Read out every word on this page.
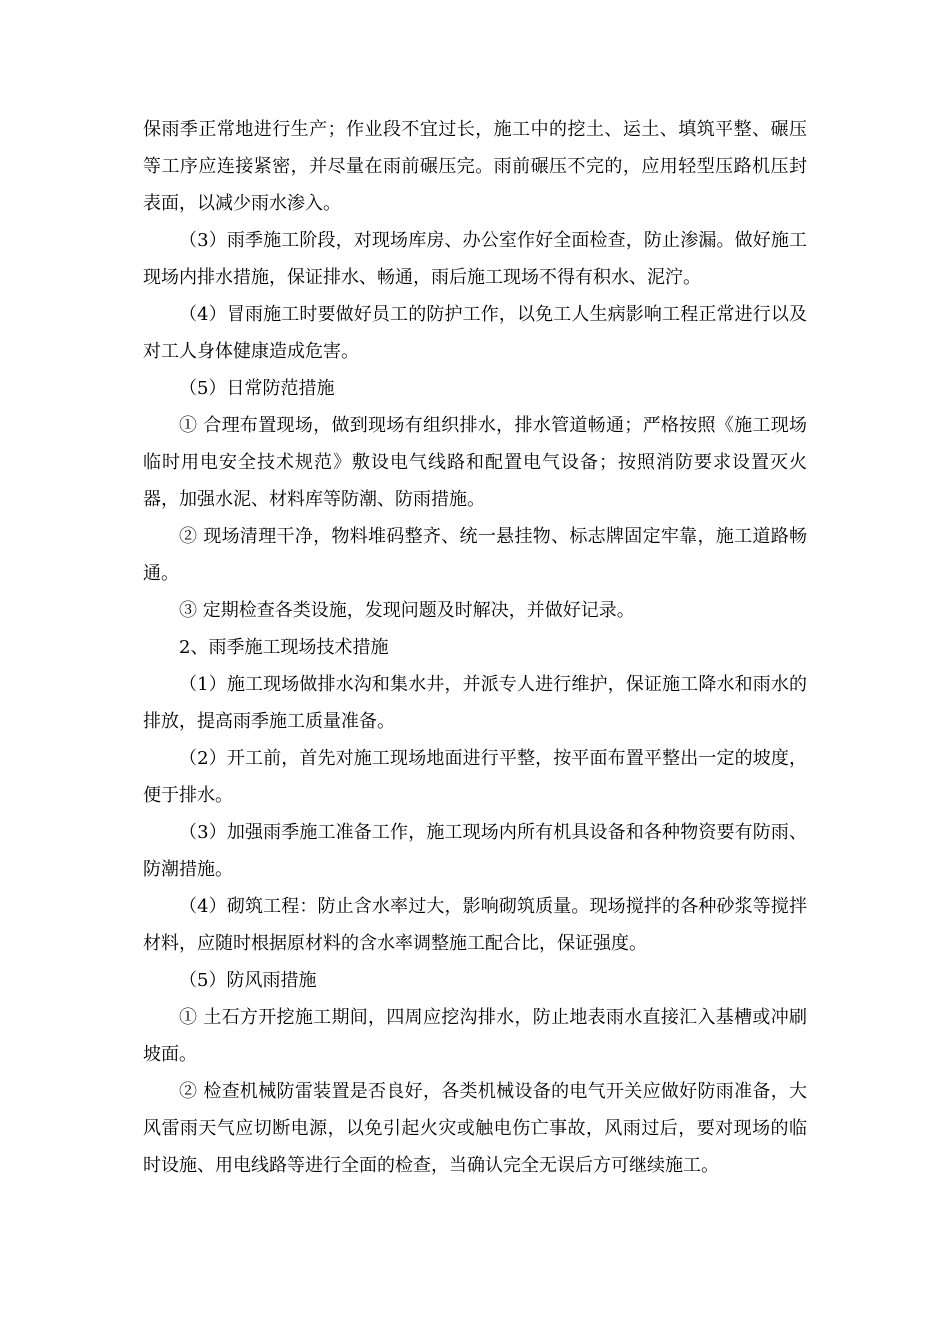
保雨季正常地进行生产；作业段不宜过长，施工中的挖土、运土、填筑平整、碾压等工序应连接紧密，并尽量在雨前碾压完。雨前碾压不完的，应用轻型压路机压封表面，以减少雨水渗入。

（3）雨季施工阶段，对现场库房、办公室作好全面检查，防止渗漏。做好施工现场内排水措施，保证排水、畅通，雨后施工现场不得有积水、泥泞。

（4）冒雨施工时要做好员工的防护工作，以免工人生病影响工程正常进行以及对工人身体健康造成危害。

（5）日常防范措施

① 合理布置现场，做到现场有组织排水，排水管道畅通；严格按照《施工现场临时用电安全技术规范》敷设电气线路和配置电气设备；按照消防要求设置灭火器，加强水泥、材料库等防潮、防雨措施。

② 现场清理干净，物料堆码整齐、统一悬挂物、标志牌固定牢靠，施工道路畅通。

③ 定期检查各类设施，发现问题及时解决，并做好记录。

2、雨季施工现场技术措施

（1）施工现场做排水沟和集水井，并派专人进行维护，保证施工降水和雨水的排放，提高雨季施工质量准备。

（2）开工前，首先对施工现场地面进行平整，按平面布置平整出一定的坡度，便于排水。

（3）加强雨季施工准备工作，施工现场内所有机具设备和各种物资要有防雨、防潮措施。

（4）砌筑工程：防止含水率过大，影响砌筑质量。现场搅拌的各种砂浆等搅拌材料，应随时根据原材料的含水率调整施工配合比，保证强度。

（5）防风雨措施

① 土石方开挖施工期间，四周应挖沟排水，防止地表雨水直接汇入基槽或冲刷坡面。

② 检查机械防雷装置是否良好，各类机械设备的电气开关应做好防雨准备，大风雷雨天气应切断电源，以免引起火灾或触电伤亡事故，风雨过后，要对现场的临时设施、用电线路等进行全面的检查，当确认完全无误后方可继续施工。
